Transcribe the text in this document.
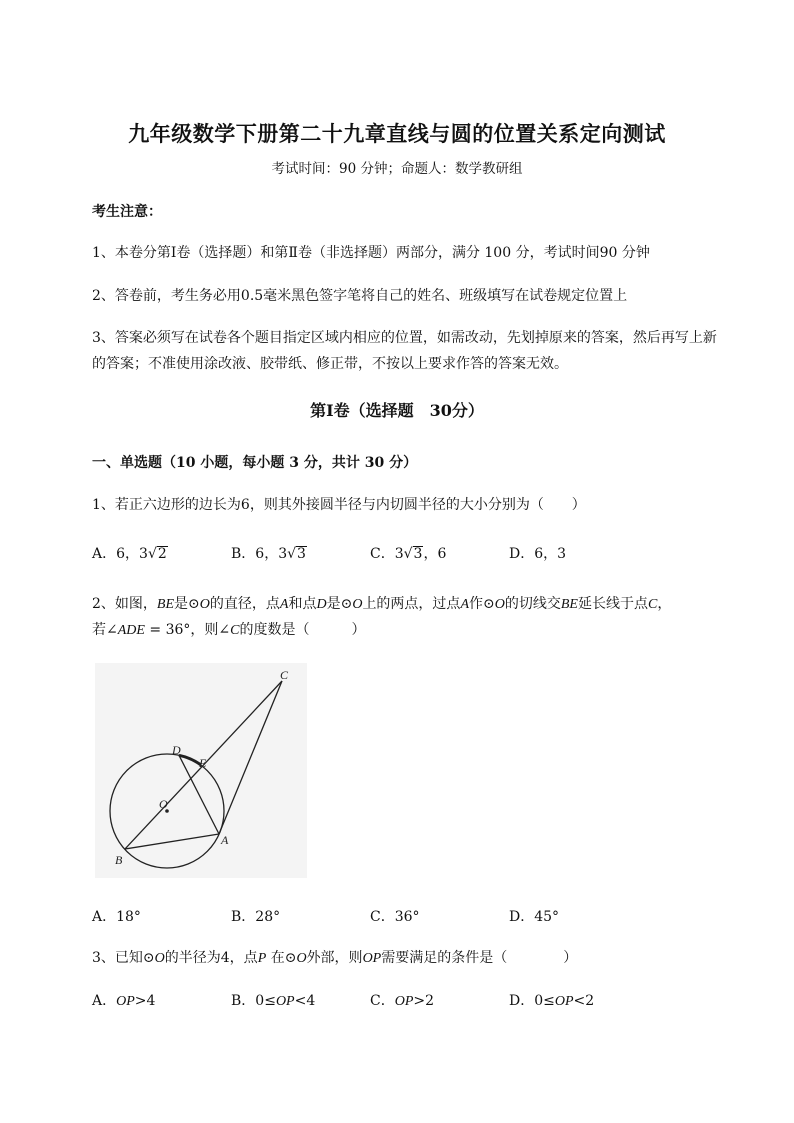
九年级数学下册第二十九章直线与圆的位置关系定向测试
考试时间：90 分钟；命题人：数学教研组
考生注意：
1、本卷分第Ⅰ卷（选择题）和第Ⅱ卷（非选择题）两部分，满分 100 分，考试时间90 分钟
2、答卷前，考生务必用0.5毫米黑色签字笔将自己的姓名、班级填写在试卷规定位置上
3、答案必须写在试卷各个题目指定区域内相应的位置，如需改动，先划掉原来的答案，然后再写上新
的答案；不准使用涂改液、胶带纸、修正带，不按以上要求作答的答案无效。
第Ⅰ卷（选择题　30分）
一、单选题（10 小题，每小题 3 分，共计 30 分）
1、若正六边形的边长为6，则其外接圆半径与内切圆半径的大小分别为（　　）
A．6，3√2	B．6，3√3	C．3√3，6	D．6，3
2、如图，BE是⊙O的直径，点A和点D是⊙O上的两点，过点A作⊙O的切线交BE延长线于点C，
若∠ADE = 36°，则∠C的度数是（　　　）
C
D
E
O
A
B
A．18°	B．28°	C．36°	D．45°
3、已知⊙O的半径为4，点P 在⊙O外部，则OP需要满足的条件是（　　　　）
A．OP>4	B．0≤OP<4	C．OP>2	D．0≤OP<2
